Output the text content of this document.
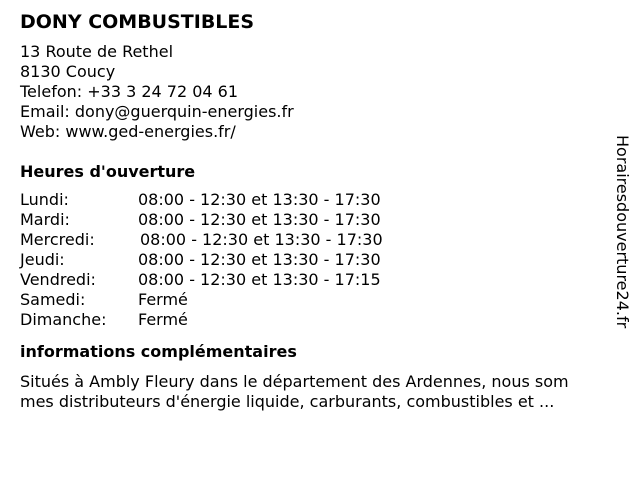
DONY COMBUSTIBLES
13 Route de Rethel
8130 Coucy
Telefon: +33 3 24 72 04 61
Email: dony@guerquin-energies.fr
Web: www.ged-energies.fr/
Heures d'ouverture
Lundi:	08:00 - 12:30 et 13:30 - 17:30
Mardi:	08:00 - 12:30 et 13:30 - 17:30
Mercredi:	08:00 - 12:30 et 13:30 - 17:30
Jeudi:	08:00 - 12:30 et 13:30 - 17:30
Vendredi:	08:00 - 12:30 et 13:30 - 17:15
Samedi:	Fermé
Dimanche:	Fermé
informations complémentaires
Situés à Ambly Fleury dans le département des Ardennes, nous som
mes distributeurs d'énergie liquide, carburants, combustibles et ...
Horairesdouverture24.fr
